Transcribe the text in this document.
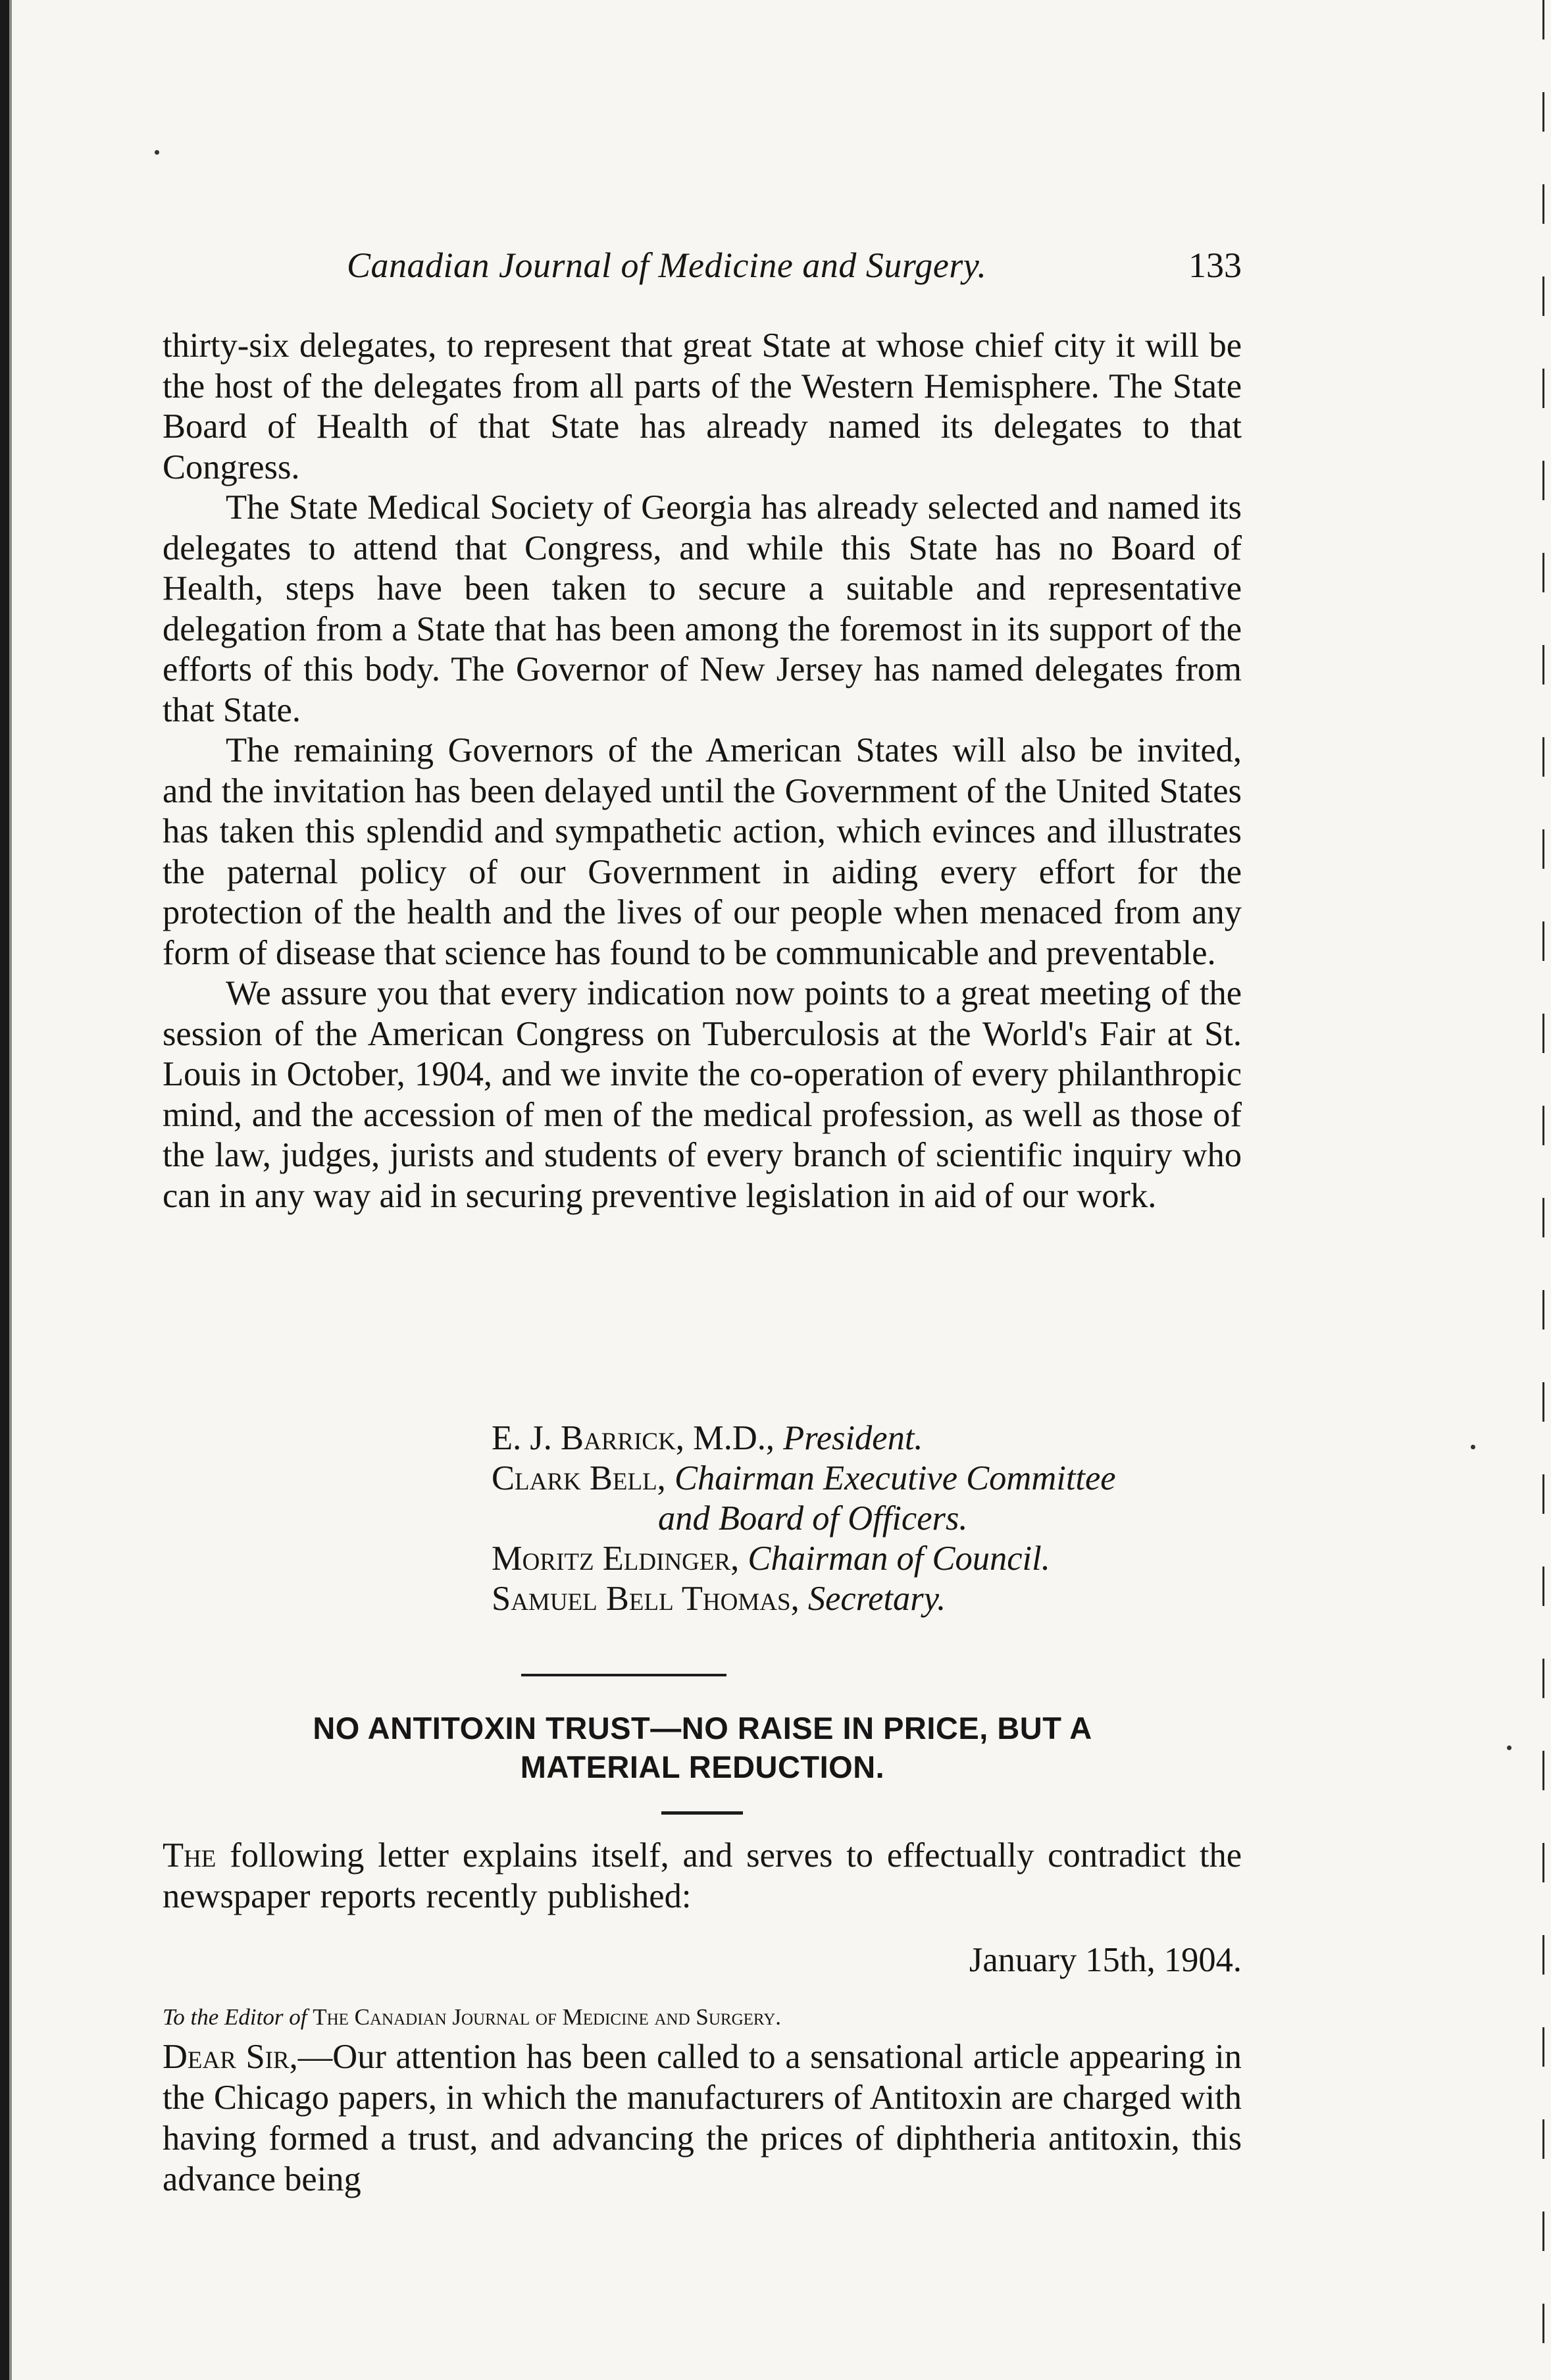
Canadian Journal of Medicine and Surgery.	133

thirty-six delegates, to represent that great State at whose chief city it will be the host of the delegates from all parts of the Western Hemisphere. The State Board of Health of that State has already named its delegates to that Congress.

The State Medical Society of Georgia has already selected and named its delegates to attend that Congress, and while this State has no Board of Health, steps have been taken to secure a suitable and representative delegation from a State that has been among the foremost in its support of the efforts of this body. The Governor of New Jersey has named delegates from that State.

The remaining Governors of the American States will also be invited, and the invitation has been delayed until the Government of the United States has taken this splendid and sympathetic action, which evinces and illustrates the paternal policy of our Government in aiding every effort for the protection of the health and the lives of our people when menaced from any form of disease that science has found to be communicable and preventable.

We assure you that every indication now points to a great meeting of the session of the American Congress on Tuberculosis at the World's Fair at St. Louis in October, 1904, and we invite the co-operation of every philanthropic mind, and the accession of men of the medical profession, as well as those of the law, judges, jurists and students of every branch of scientific inquiry who can in any way aid in securing preventive legislation in aid of our work.

E. J. Barrick, M.D., President.
Clark Bell, Chairman Executive Committee
and Board of Officers.
Moritz Eldinger, Chairman of Council.
Samuel Bell Thomas, Secretary.
NO ANTITOXIN TRUST—NO RAISE IN PRICE, BUT A
MATERIAL REDUCTION.

The following letter explains itself, and serves to effectually contradict the newspaper reports recently published:

January 15th, 1904.
To the Editor of The Canadian Journal of Medicine and Surgery.

Dear Sir,—Our attention has been called to a sensational article appearing in the Chicago papers, in which the manufacturers of Antitoxin are charged with having formed a trust, and advancing the prices of diphtheria antitoxin, this advance being
